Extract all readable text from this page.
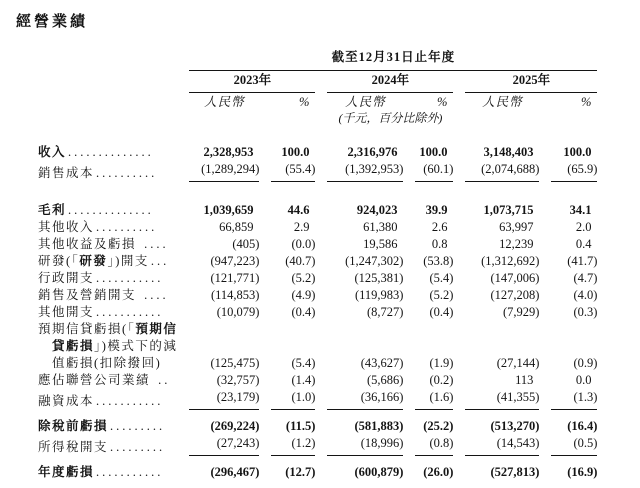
經營業績
	截至12月31日止年度					
	2023年		2024年		2025年	
	人民幣	%	人民幣	%	人民幣	%
			(千元，百分比除外)			

收入 ..............	2,328,953	100.0	2,316,976	100.0	3,148,403	100.0

銷售成本 ..........	(1,289,294)	(55.4)	(1,392,953)	(60.1)	(2,074,688)	(65.9)

毛利 ..............	1,039,659	44.6	924,023	39.9	1,073,715	34.1

其他收入 ..........	66,859	2.9	61,380	2.6	63,997	2.0

其他收益及虧損 ....	(405)	(0.0)	19,586	0.8	12,239	0.4

研發(「研發」)開支 ...	(947,223)	(40.7)	(1,247,302)	(53.8)	(1,312,692)	(41.7)

行政開支 ...........	(121,771)	(5.2)	(125,381)	(5.4)	(147,006)	(4.7)

銷售及營銷開支 ....	(114,853)	(4.9)	(119,983)	(5.2)	(127,208)	(4.0)

其他開支 ...........	(10,079)	(0.4)	(8,727)	(0.4)	(7,929)	(0.3)

預期信貸虧損(「預期信
貸虧損」)模式下的減
值虧損(扣除撥回)	(125,475)	(5.4)	(43,627)	(1.9)	(27,144)	(0.9)

應佔聯營公司業績 ..	(32,757)	(1.4)	(5,686)	(0.2)	113	0.0

融資成本 ...........	(23,179)	(1.0)	(36,166)	(1.6)	(41,355)	(1.3)

除稅前虧損 .........	(269,224)	(11.5)	(581,883)	(25.2)	(513,270)	(16.4)

所得稅開支 .........	(27,243)	(1.2)	(18,996)	(0.8)	(14,543)	(0.5)

年度虧損 ...........	(296,467)	(12.7)	(600,879)	(26.0)	(527,813)	(16.9)
